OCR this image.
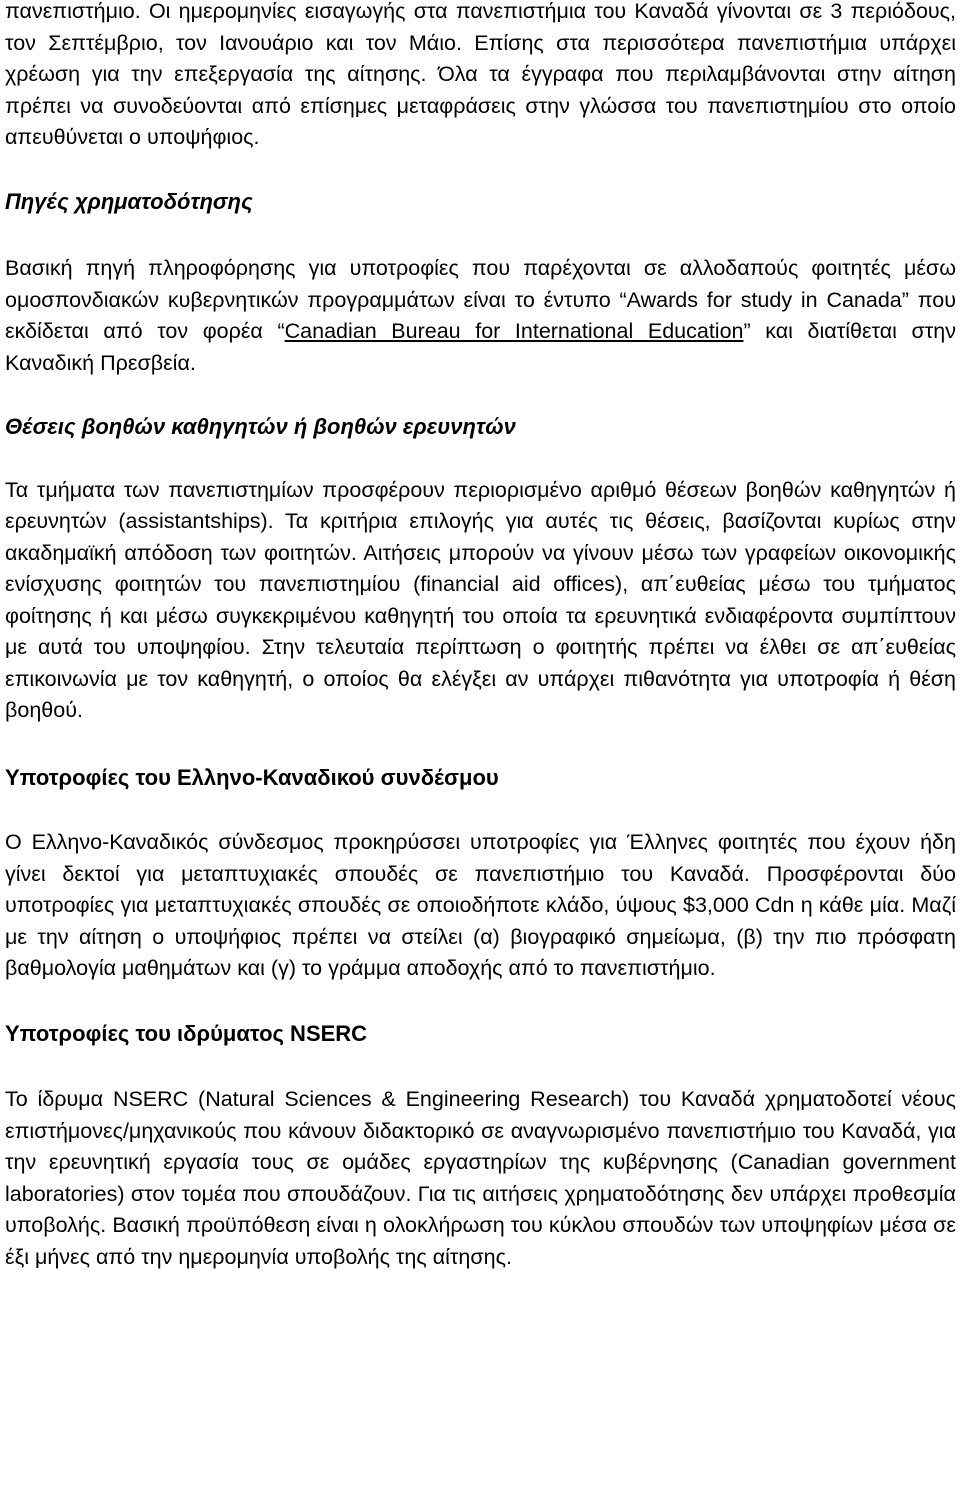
πανεπιστήμιο. Οι ημερομηνίες εισαγωγής στα πανεπιστήμια του Καναδά γίνονται σε 3 περιόδους, τον Σεπτέμβριο, τον Ιανουάριο και τον Μάιο. Επίσης στα περισσότερα πανεπιστήμια υπάρχει χρέωση για την επεξεργασία της αίτησης. Όλα τα έγγραφα που περιλαμβάνονται στην αίτηση πρέπει να συνοδεύονται από επίσημες μεταφράσεις στην γλώσσα του πανεπιστημίου στο οποίο απευθύνεται ο υποψήφιος.

Πηγές χρηματοδότησης

Βασική πηγή πληροφόρησης για υποτροφίες που παρέχονται σε αλλοδαπούς φοιτητές μέσω ομοσπονδιακών κυβερνητικών προγραμμάτων είναι το έντυπο “Awards for study in Canada” που εκδίδεται από τον φορέα “Canadian Bureau for International Education” και διατίθεται στην Καναδική Πρεσβεία.

Θέσεις βοηθών καθηγητών ή βοηθών ερευνητών

Τα τμήματα των πανεπιστημίων προσφέρουν περιορισμένο αριθμό θέσεων βοηθών καθηγητών ή ερευνητών (assistantships). Τα κριτήρια επιλογής για αυτές τις θέσεις, βασίζονται κυρίως στην ακαδημαϊκή απόδοση των φοιτητών. Αιτήσεις μπορούν να γίνουν μέσω των γραφείων οικονομικής ενίσχυσης φοιτητών του πανεπιστημίου (financial aid offices), απ΄ευθείας μέσω του τμήματος φοίτησης ή και μέσω συγκεκριμένου καθηγητή του οποία τα ερευνητικά ενδιαφέροντα συμπίπτουν με αυτά του υποψηφίου. Στην τελευταία περίπτωση ο φοιτητής πρέπει να έλθει σε απ΄ευθείας επικοινωνία με τον καθηγητή, ο οποίος θα ελέγξει αν υπάρχει πιθανότητα για υποτροφία ή θέση βοηθού.

Υποτροφίες του Ελληνο-Καναδικού συνδέσμου

Ο Ελληνο-Καναδικός σύνδεσμος προκηρύσσει υποτροφίες για Έλληνες φοιτητές που έχουν ήδη γίνει δεκτοί για μεταπτυχιακές σπουδές σε πανεπιστήμιο του Καναδά. Προσφέρονται δύο υποτροφίες για μεταπτυχιακές σπουδές σε οποιοδήποτε κλάδο, ύψους $3,000 Cdn η κάθε μία. Μαζί με την αίτηση ο υποψήφιος πρέπει να στείλει (α) βιογραφικό σημείωμα, (β) την πιο πρόσφατη βαθμολογία μαθημάτων και (γ) το γράμμα αποδοχής από το πανεπιστήμιο.

Υποτροφίες του ιδρύματος NSERC

Το ίδρυμα NSERC (Natural Sciences & Engineering Research) του Καναδά χρηματοδοτεί νέους επιστήμονες/μηχανικούς που κάνουν διδακτορικό σε αναγνωρισμένο πανεπιστήμιο του Καναδά, για την ερευνητική εργασία τους σε ομάδες εργαστηρίων της κυβέρνησης (Canadian government laboratories) στον τομέα που σπουδάζουν. Για τις αιτήσεις χρηματοδότησης δεν υπάρχει προθεσμία υποβολής. Βασική προϋπόθεση είναι η ολοκλήρωση του κύκλου σπουδών των υποψηφίων μέσα σε έξι μήνες από την ημερομηνία υποβολής της αίτησης.
